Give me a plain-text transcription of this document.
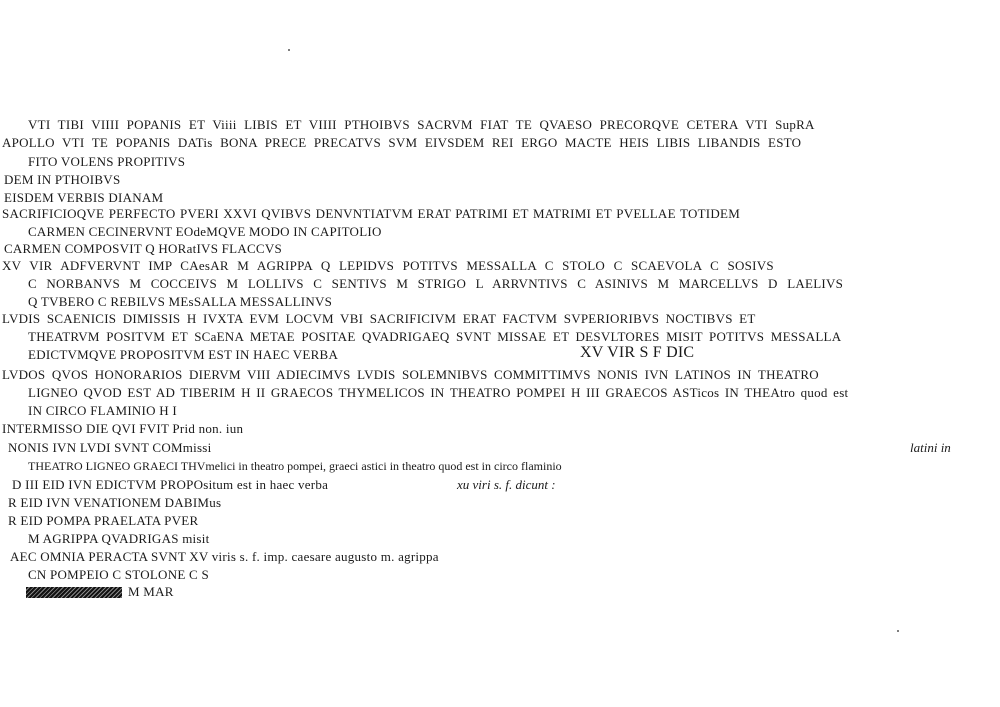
VTI TIBI VIIII POPANIS ET Viiii LIBIS ET VIIII PTHOIBVS SACRVM FIAT TE QVAESO PRECORQVE CETERA VTI SupRA
APOLLO VTI TE POPANIS DATis BONA PRECE PRECATVS SVM EIVSDEM REI ERGO MACTE HEIS LIBIS LIBANDIS ESTO
FITO VOLENS PROPITIVS
DEM IN PTHOIBVS
EISDEM VERBIS DIANAM
SACRIFICIOQVE PERFECTO PVERI XXVI QVIBVS DENVNTIATVM ERAT PATRIMI ET MATRIMI ET PVELLAE TOTIDEM
CARMEN CECINERVNT EOdeMQVE MODO IN CAPITOLIO
CARMEN COMPOSVIT Q HORatIVS FLACCVS
XV VIR ADFVERVNT IMP CAesAR M AGRIPPA Q LEPIDVS POTITVS MESSALLA C STOLO C SCAEVOLA C SOSIVS
C NORBANVS M COCCEIVS M LOLLIVS C SENTIVS M STRIGO L ARRVNTIVS C ASINIVS M MARCELLVS D LAELIVS
Q TVBERO C REBILVS MEsSALLA MESSALLINVS
LVDIS SCAENICIS DIMISSIS H IVXTA EVM LOCVM VBI SACRIFICIVM ERAT FACTVM SVPERIORIBVS NOCTIBVS ET
THEATRVM POSITVM ET SCaENA METAE POSITAE QVADRIGAEQ SVNT MISSAE ET DESVLTORES MISIT POTITVS MESSALLA
EDICTVMQVE PROPOSITVM EST IN HAEC VERBA	XV VIR S F DIC
LVDOS QVOS HONORARIOS DIERVM VIII ADIECIMVS LVDIS SOLEMNIBVS COMMITTIMVS NONIS IVN LATINOS IN THEATRO
LIGNEO QVOD EST AD TIBERIM H II GRAECOS THYMELICOS IN THEATRO POMPEI H III GRAECOS ASTicos IN THEAtro quod est
IN CIRCO FLAMINIO H I
INTERMISSO DIE QVI FVIT Prid non. iun
NONIS IVN LVDI SVNT COMmissi	latini in
THEATRO LIGNEO GRAECI THVmelici in theatro pompei, graeci astici in theatro quod est in circo flaminio
D III EID IVN EDICTVM PROPOsitum est in haec verba	xu viri s. f. dicunt :
R EID IVN VENATIONEM DABIMus
R EID POMPA PRAELATA PVER
M AGRIPPA QVADRIGAS misit
AEC OMNIA PERACTA SVNT XV viris s. f. imp. caesare augusto m. agrippa
CN POMPEIO C STOLONE C S
M MAR
